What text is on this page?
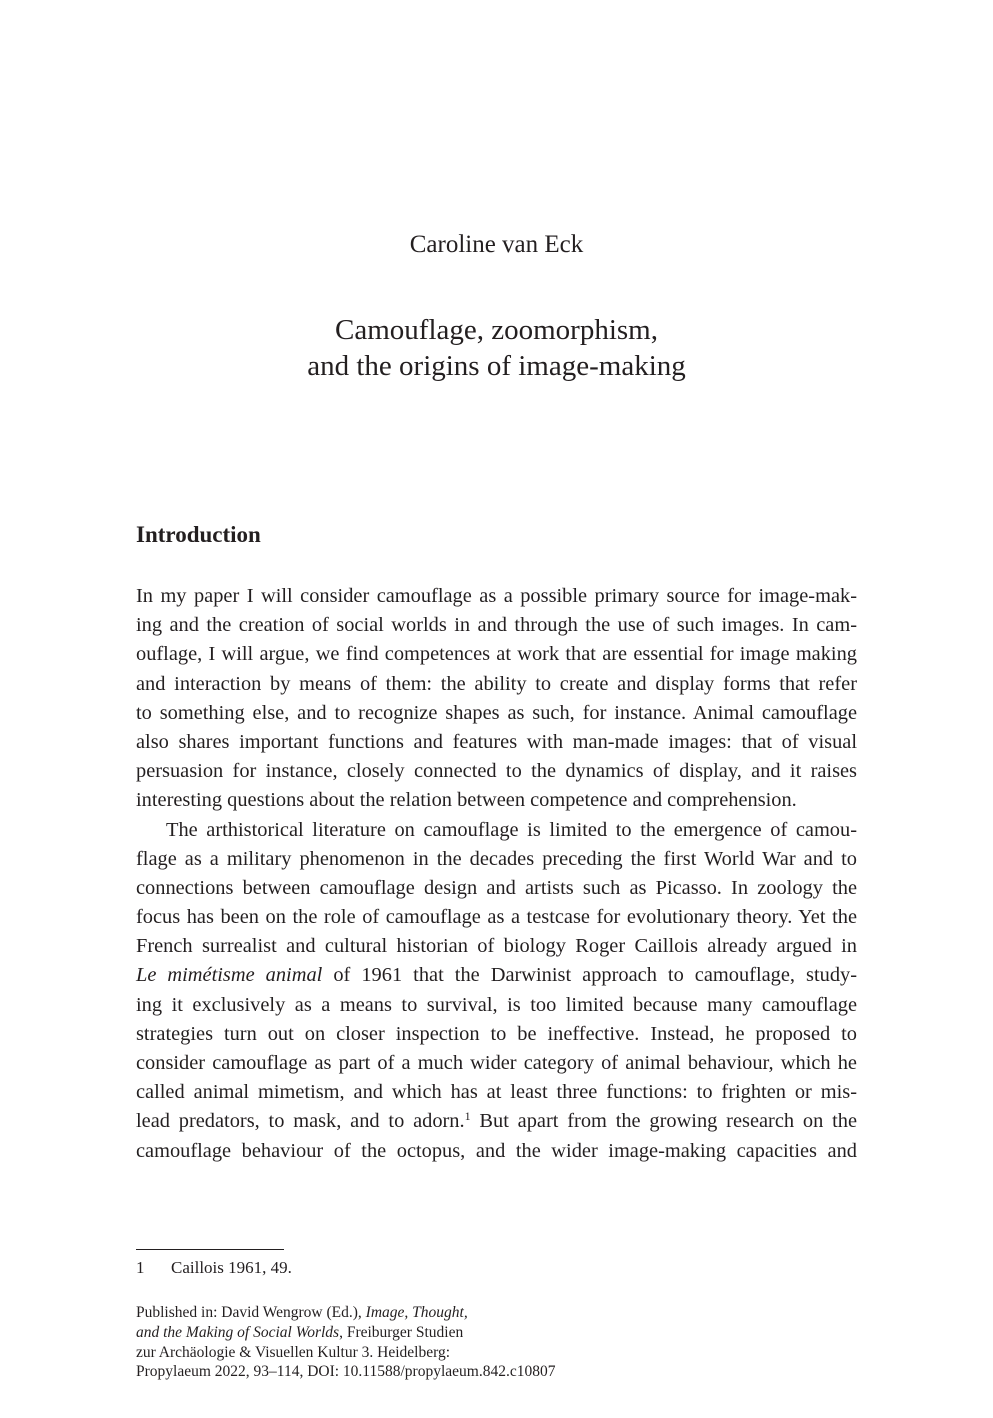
Caroline van Eck
Camouflage, zoomorphism,
and the origins of image-making
Introduction
In my paper I will consider camouflage as a possible primary source for image-mak-
ing and the creation of social worlds in and through the use of such images. In cam-
ouflage, I will argue, we find competences at work that are essential for image making
and interaction by means of them: the ability to create and display forms that refer
to something else, and to recognize shapes as such, for instance. Animal camouflage
also shares important functions and features with man-made images: that of visual
persuasion for instance, closely connected to the dynamics of display, and it raises
interesting questions about the relation between competence and comprehension.
The arthistorical literature on camouflage is limited to the emergence of camou-
flage as a military phenomenon in the decades preceding the first World War and to
connections between camouflage design and artists such as Picasso. In zoology the
focus has been on the role of camouflage as a testcase for evolutionary theory. Yet the
French surrealist and cultural historian of biology Roger Caillois already argued in
Le mimétisme animal of 1961 that the Darwinist approach to camouflage, study-
ing it exclusively as a means to survival, is too limited because many camouflage
strategies turn out on closer inspection to be ineffective. Instead, he proposed to
consider camouflage as part of a much wider category of animal behaviour, which he
called animal mimetism, and which has at least three functions: to frighten or mis-
lead predators, to mask, and to adorn.$^1$ But apart from the growing research on the
camouflage behaviour of the octopus, and the wider image-making capacities and
1 Caillois 1961, 49.
Published in: David Wengrow (Ed.), Image, Thought,
and the Making of Social Worlds, Freiburger Studien
zur Archäologie & Visuellen Kultur 3. Heidelberg:
Propylaeum 2022, 93–114, DOI: 10.11588/propylaeum.842.c10807
